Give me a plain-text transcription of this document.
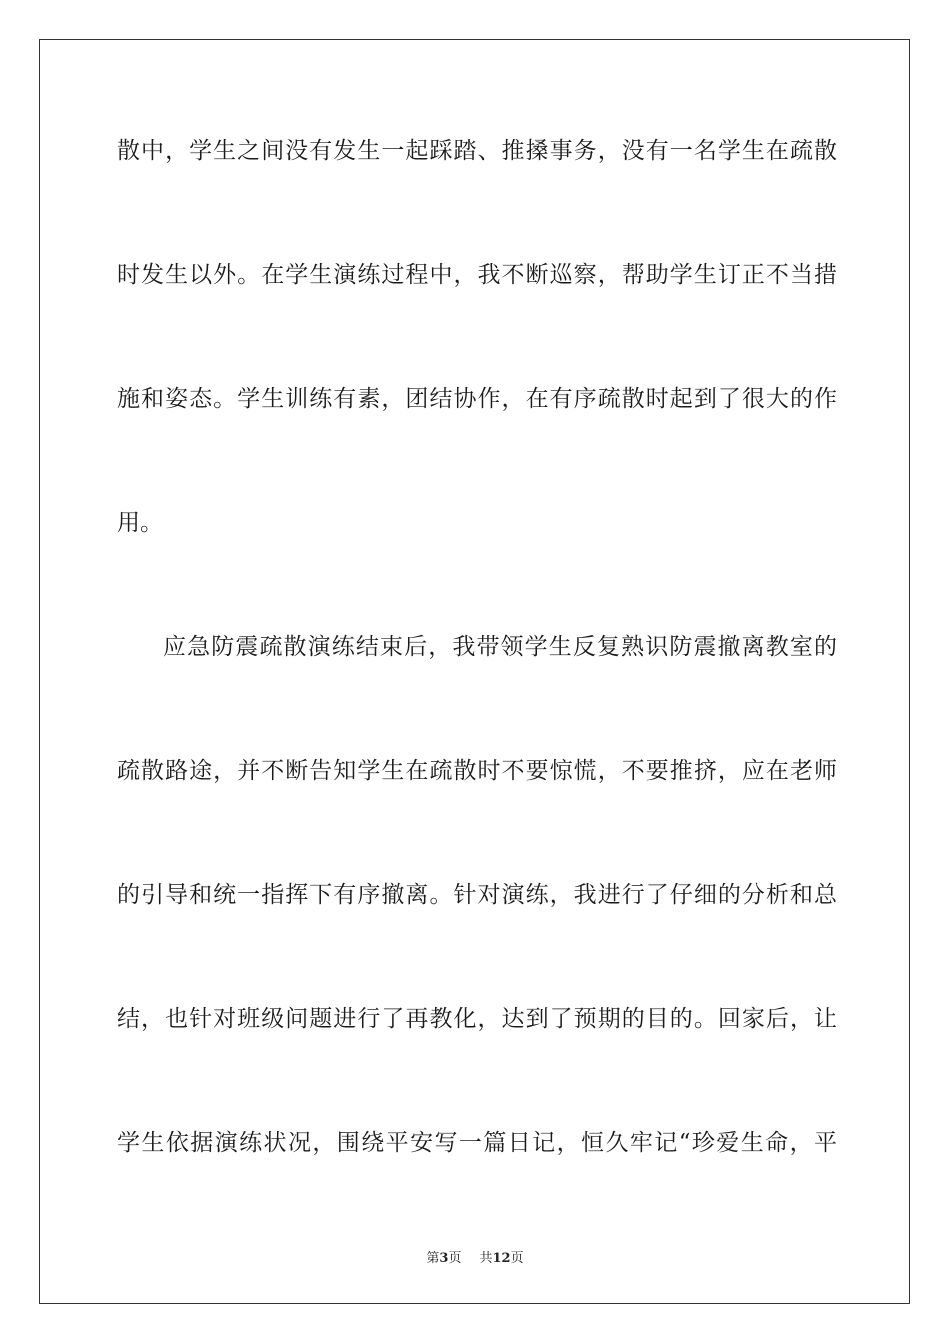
散中，学生之间没有发生一起踩踏、推搡事务，没有一名学生在疏散

时发生以外。在学生演练过程中，我不断巡察，帮助学生订正不当措

施和姿态。学生训练有素，团结协作，在有序疏散时起到了很大的作

用。

应急防震疏散演练结束后，我带领学生反复熟识防震撤离教室的

疏散路途，并不断告知学生在疏散时不要惊慌，不要推挤，应在老师

的引导和统一指挥下有序撤离。针对演练，我进行了仔细的分析和总

结，也针对班级问题进行了再教化，达到了预期的目的。回家后，让

学生依据演练状况，围绕平安写一篇日记，恒久牢记“珍爱生命，平

第3页 共12页
